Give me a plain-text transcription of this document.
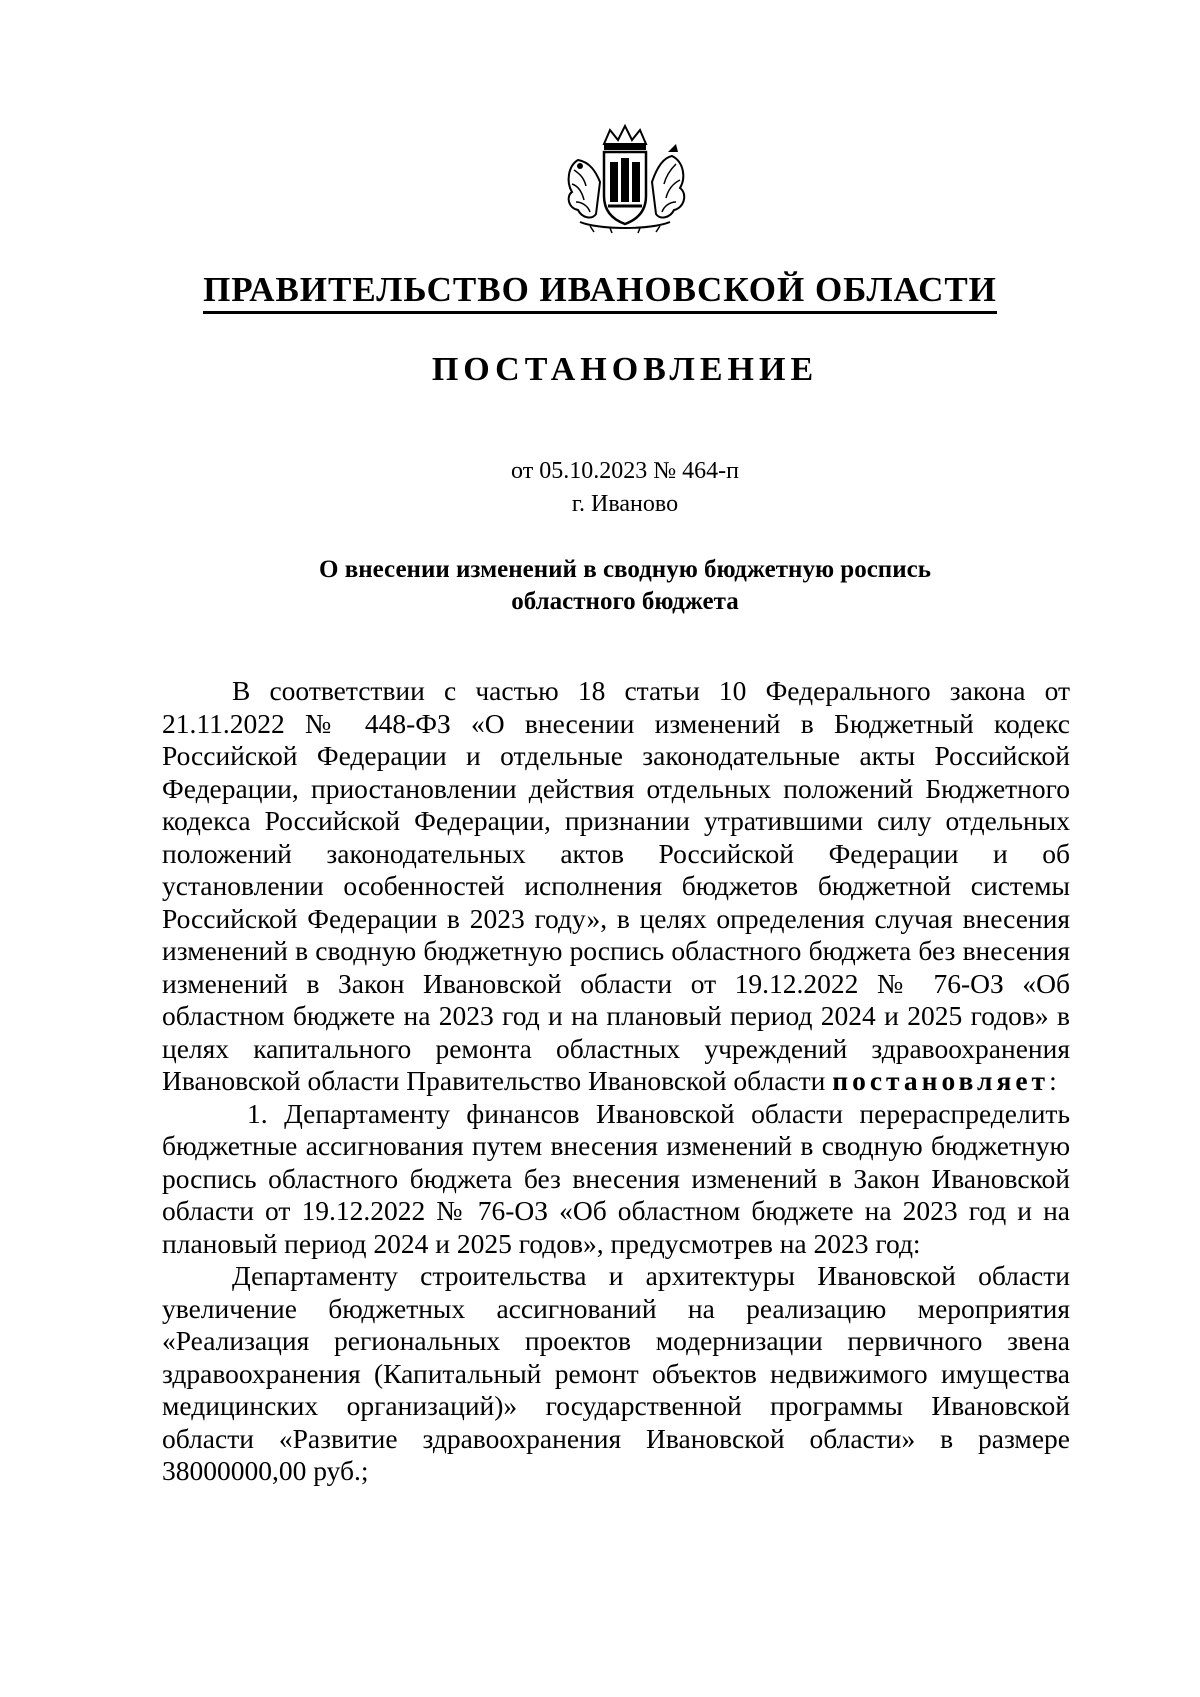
ПРАВИТЕЛЬСТВО ИВАНОВСКОЙ ОБЛАСТИ
ПОСТАНОВЛЕНИЕ
от 05.10.2023 № 464-п
г. Иваново
О внесении изменений в сводную бюджетную роспись
областного бюджета

В соответствии с частью 18 статьи 10 Федерального закона от 21.11.2022 № 448-ФЗ «О внесении изменений в Бюджетный кодекс Российской Федерации и отдельные законодательные акты Российской Федерации, приостановлении действия отдельных положений Бюджетного кодекса Российской Федерации, признании утратившими силу отдельных положений законодательных актов Российской Федерации и об установлении особенностей исполнения бюджетов бюджетной системы Российской Федерации в 2023 году», в целях определения случая внесения изменений в сводную бюджетную роспись областного бюджета без внесения изменений в Закон Ивановской области от 19.12.2022 № 76-ОЗ «Об областном бюджете на 2023 год и на плановый период 2024 и 2025 годов» в целях капитального ремонта областных учреждений здравоохранения Ивановской области Правительство Ивановской области постановляет:

1. Департаменту финансов Ивановской области перераспределить бюджетные ассигнования путем внесения изменений в сводную бюджетную роспись областного бюджета без внесения изменений в Закон Ивановской области от 19.12.2022 № 76-ОЗ «Об областном бюджете на 2023 год и на плановый период 2024 и 2025 годов», предусмотрев на 2023 год:

Департаменту строительства и архитектуры Ивановской области увеличение бюджетных ассигнований на реализацию мероприятия «Реализация региональных проектов модернизации первичного звена здравоохранения (Капитальный ремонт объектов недвижимого имущества медицинских организаций)» государственной программы Ивановской области «Развитие здравоохранения Ивановской области» в размере 38000000,00 руб.;
